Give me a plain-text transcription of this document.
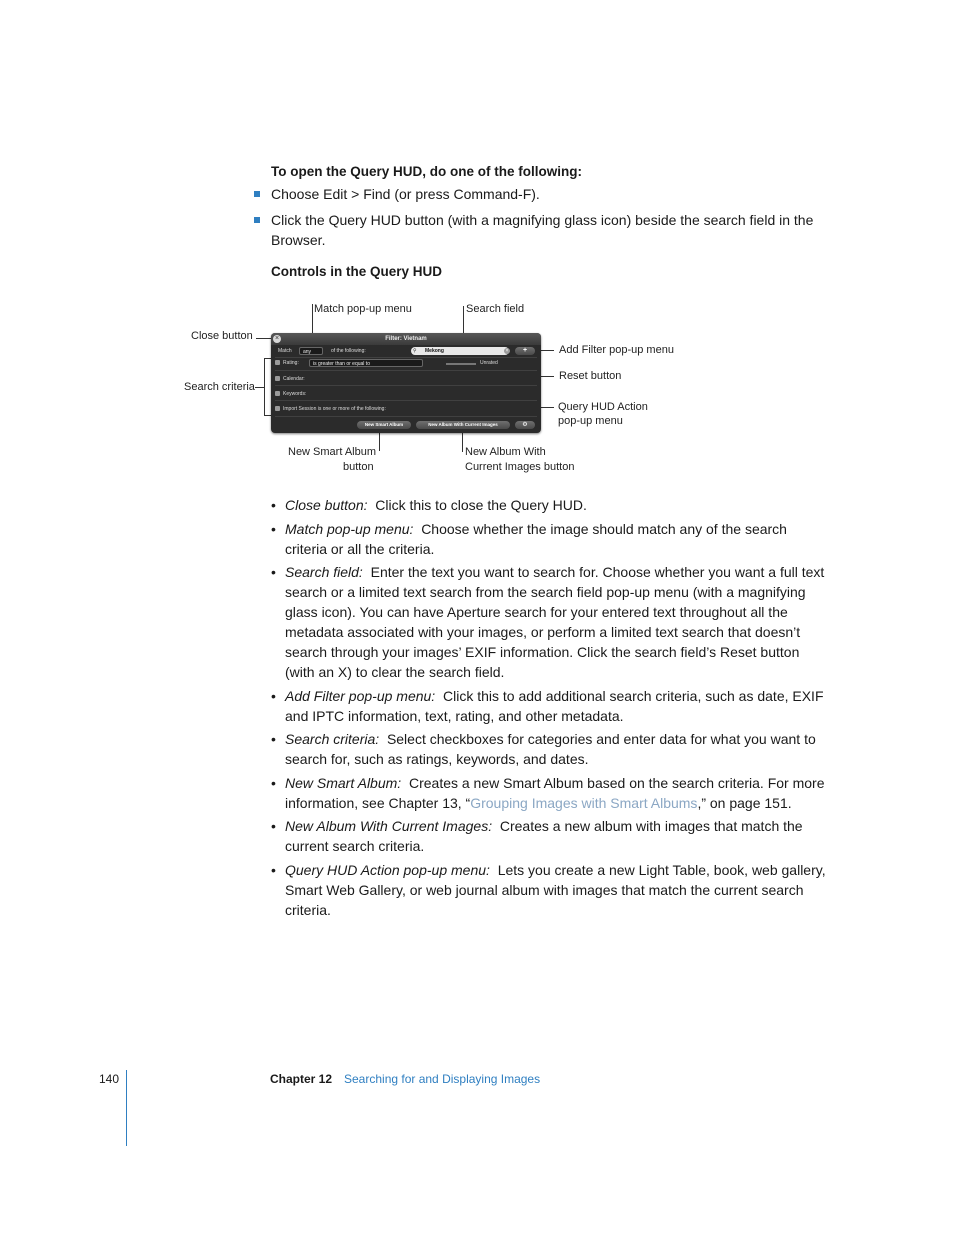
To open the Query HUD, do one of the following:
Choose Edit > Find (or press Command-F).
Click the Query HUD button (with a magnifying glass icon) beside the search field in the Browser.
Controls in the Query HUD
Match pop-up menu	Search field
Close button
Add Filter pop-up menu
Reset button
Search criteria
Query HUD Action
pop-up menu
New Smart Album
button
New Album With
Current Images button
×	Filter: Vietnam
Match	any	of the following:	⚲ Mekong	×	+
Rating:	is greater than or equal to	Unrated
Calendar:
Keywords:
Import Session is one or more of the following:
New Smart Album	New Album With Current Images	⚙
• Close button: Click this to close the Query HUD.
• Match pop-up menu: Choose whether the image should match any of the search criteria or all the criteria.
• Search field: Enter the text you want to search for. Choose whether you want a full text search or a limited text search from the search field pop-up menu (with a magnifying glass icon). You can have Aperture search for your entered text throughout all the metadata associated with your images, or perform a limited text search that doesn’t search through your images’ EXIF information. Click the search field’s Reset button (with an X) to clear the search field.
• Add Filter pop-up menu: Click this to add additional search criteria, such as date, EXIF and IPTC information, text, rating, and other metadata.
• Search criteria: Select checkboxes for categories and enter data for what you want to search for, such as ratings, keywords, and dates.
• New Smart Album: Creates a new Smart Album based on the search criteria. For more information, see Chapter 13, “Grouping Images with Smart Albums,” on page 151.
• New Album With Current Images: Creates a new album with images that match the current search criteria.
• Query HUD Action pop-up menu: Lets you create a new Light Table, book, web gallery, Smart Web Gallery, or web journal album with images that match the current search criteria.
140	Chapter 12 Searching for and Displaying Images
